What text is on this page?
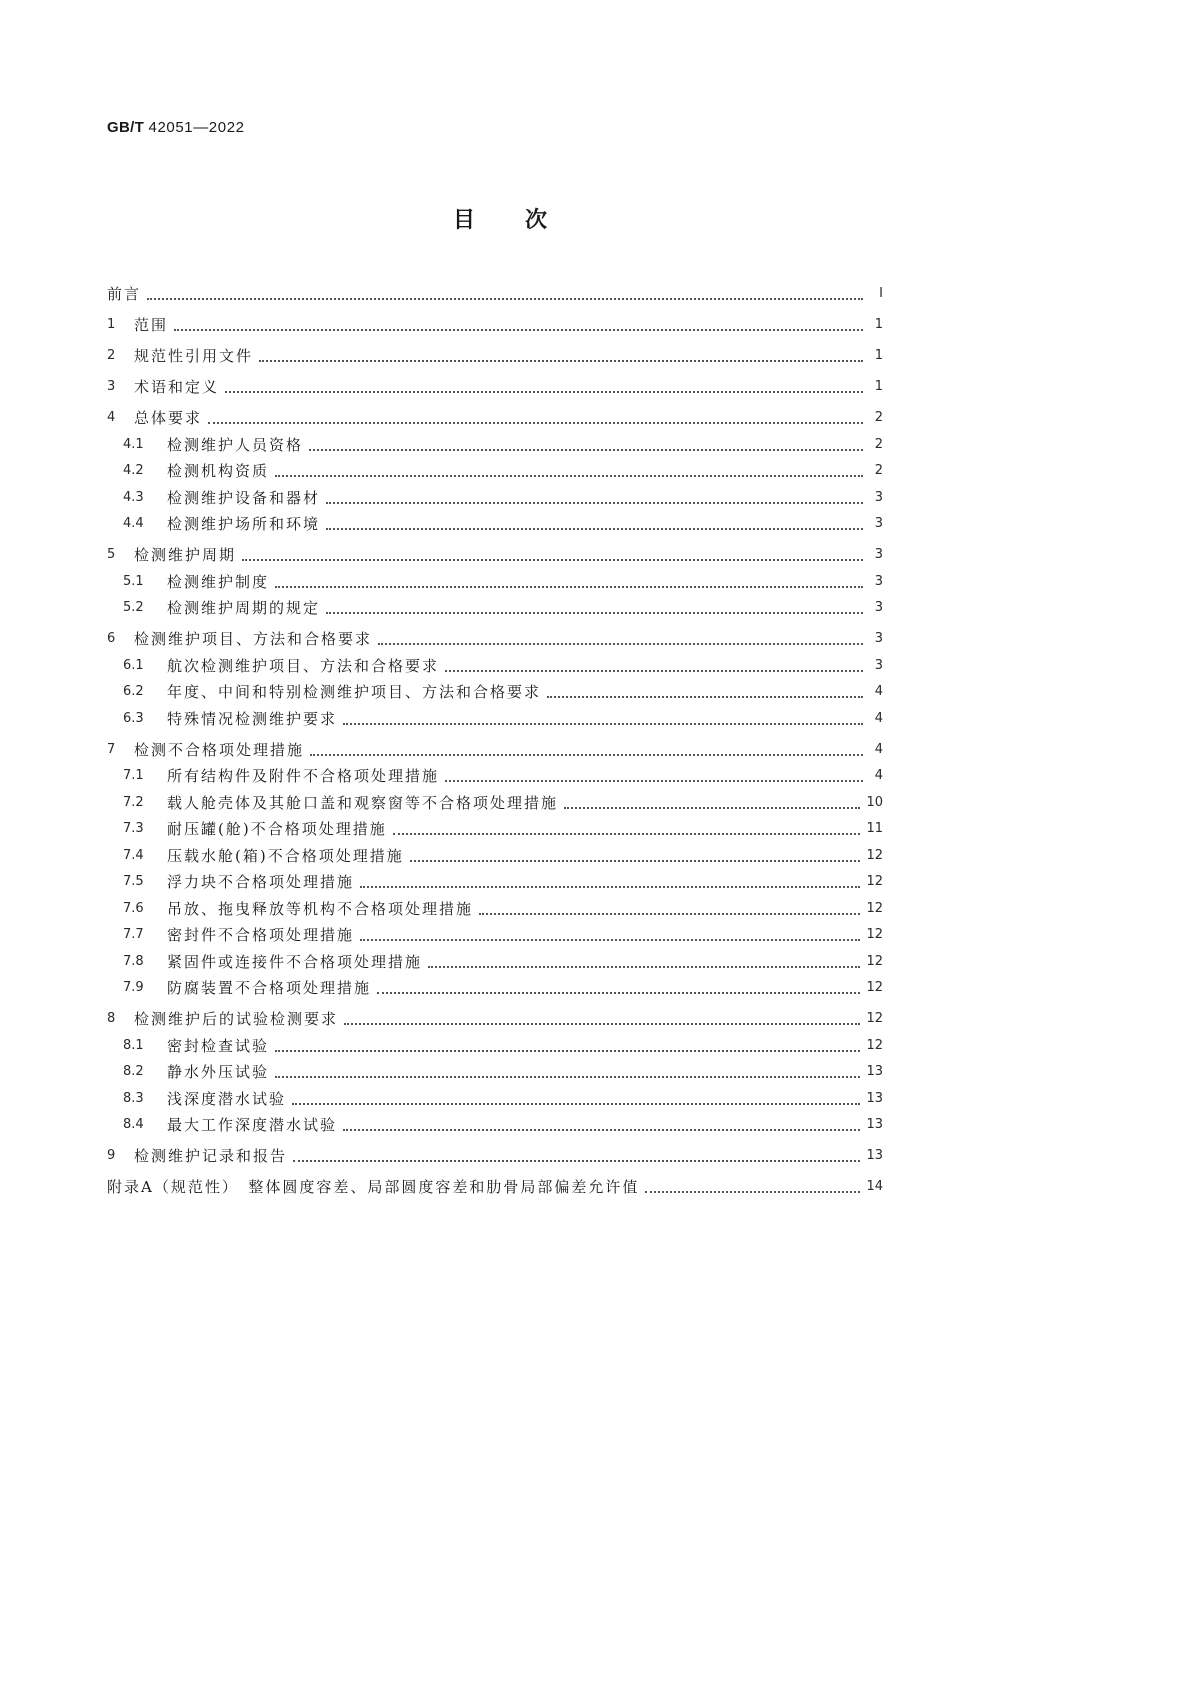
GB/T 42051—2022
目次
前言	Ⅰ
1	范围	1
2	规范性引用文件	1
3	术语和定义	1
4	总体要求	2
4.1	检测维护人员资格	2
4.2	检测机构资质	2
4.3	检测维护设备和器材	3
4.4	检测维护场所和环境	3
5	检测维护周期	3
5.1	检测维护制度	3
5.2	检测维护周期的规定	3
6	检测维护项目、方法和合格要求	3
6.1	航次检测维护项目、方法和合格要求	3
6.2	年度、中间和特别检测维护项目、方法和合格要求	4
6.3	特殊情况检测维护要求	4
7	检测不合格项处理措施	4
7.1	所有结构件及附件不合格项处理措施	4
7.2	载人舱壳体及其舱口盖和观察窗等不合格项处理措施	10
7.3	耐压罐(舱)不合格项处理措施	11
7.4	压载水舱(箱)不合格项处理措施	12
7.5	浮力块不合格项处理措施	12
7.6	吊放、拖曳释放等机构不合格项处理措施	12
7.7	密封件不合格项处理措施	12
7.8	紧固件或连接件不合格项处理措施	12
7.9	防腐装置不合格项处理措施	12
8	检测维护后的试验检测要求	12
8.1	密封检查试验	12
8.2	静水外压试验	13
8.3	浅深度潜水试验	13
8.4	最大工作深度潜水试验	13
9	检测维护记录和报告	13
附录A（规范性）　整体圆度容差、局部圆度容差和肋骨局部偏差允许值	14
